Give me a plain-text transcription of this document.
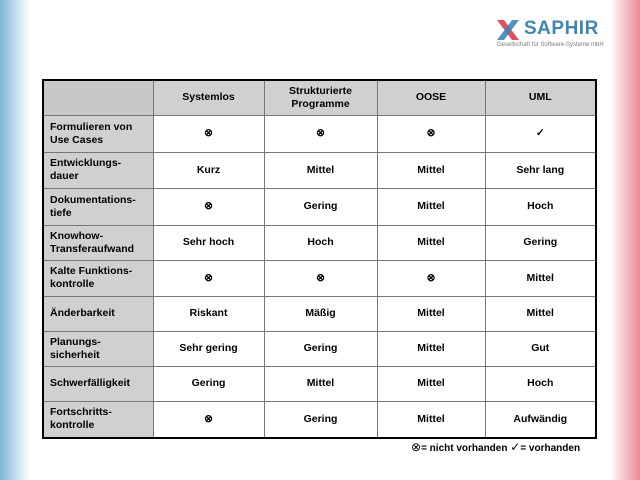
SAPHIR
Gesellschaft für Software-Systeme mbH
	Systemlos	Strukturierte Programme	OOSE	UML
Formulieren von Use Cases	⊗	⊗	⊗	✓
Entwicklungs-dauer	Kurz	Mittel	Mittel	Sehr lang
Dokumentations-tiefe	⊗	Gering	Mittel	Hoch
Knowhow-Transferaufwand	Sehr hoch	Hoch	Mittel	Gering
Kalte Funktions-kontrolle	⊗	⊗	⊗	Mittel
Änderbarkeit	Riskant	Mäßig	Mittel	Mittel
Planungs-sicherheit	Sehr gering	Gering	Mittel	Gut
Schwerfälligkeit	Gering	Mittel	Mittel	Hoch
Fortschritts-kontrolle	⊗	Gering	Mittel	Aufwändig
⊗= nicht vorhanden ✓= vorhanden
